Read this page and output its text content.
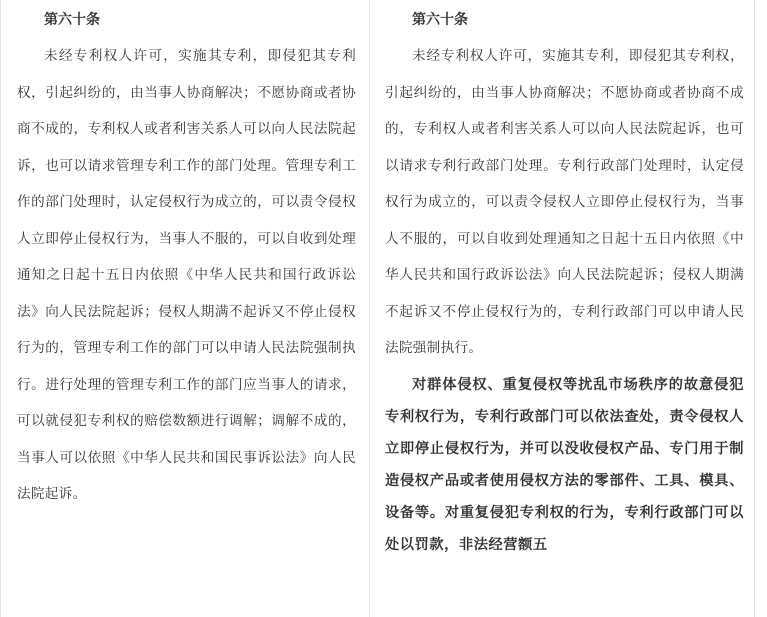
第六十条

未经专利权人许可，实施其专利，即侵犯其专利权，引起纠纷的，由当事人协商解决；不愿协商或者协商不成的，专利权人或者利害关系人可以向人民法院起诉，也可以请求管理专利工作的部门处理。管理专利工作的部门处理时，认定侵权行为成立的，可以责令侵权人立即停止侵权行为，当事人不服的，可以自收到处理通知之日起十五日内依照《中华人民共和国行政诉讼法》向人民法院起诉；侵权人期满不起诉又不停止侵权行为的，管理专利工作的部门可以申请人民法院强制执行。进行处理的管理专利工作的部门应当事人的请求，可以就侵犯专利权的赔偿数额进行调解；调解不成的，当事人可以依照《中华人民共和国民事诉讼法》向人民法院起诉。

第六十条

未经专利权人许可，实施其专利，即侵犯其专利权，引起纠纷的，由当事人协商解决；不愿协商或者协商不成的，专利权人或者利害关系人可以向人民法院起诉，也可以请求专利行政部门处理。专利行政部门处理时，认定侵权行为成立的，可以责令侵权人立即停止侵权行为，当事人不服的，可以自收到处理通知之日起十五日内依照《中华人民共和国行政诉讼法》向人民法院起诉；侵权人期满不起诉又不停止侵权行为的，专利行政部门可以申请人民法院强制执行。

对群体侵权、重复侵权等扰乱市场秩序的故意侵犯专利权行为，专利行政部门可以依法查处，责令侵权人立即停止侵权行为，并可以没收侵权产品、专门用于制造侵权产品或者使用侵权方法的零部件、工具、模具、设备等。对重复侵犯专利权的行为，专利行政部门可以处以罚款，非法经营额五
